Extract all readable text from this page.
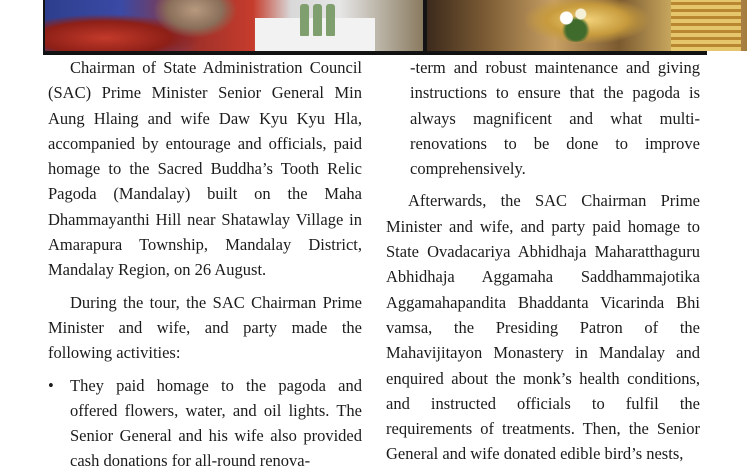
Chairman of State Administration Council (SAC) Prime Minister Senior General Min Aung Hlaing and wife Daw Kyu Kyu Hla, accompanied by entourage and officials, paid homage to the Sacred Buddha’s Tooth Relic Pagoda (Mandalay) built on the Maha Dhammayanthi Hill near Shatawlay Village in Amarapura Township, Mandalay District, Mandalay Region, on 26 August.

During the tour, the SAC Chairman Prime Minister and wife, and party made the following activities:

• They paid homage to the pagoda and offered flowers, water, and oil lights. The Senior General and his wife also provided cash donations for all-round renova-

-term and robust maintenance and giving instructions to ensure that the pagoda is always magnificent and what multi-renovations to be done to improve comprehensively.

Afterwards, the SAC Chairman Prime Minister and wife, and party paid homage to State Ovadacariya Abhidhaja Maharatthaguru Abhidhaja Aggamaha Saddhammajotika Aggamahapandita Bhaddanta Vicarinda Bhi vamsa, the Presiding Patron of the Mahavijitayon Monastery in Mandalay and enquired about the monk’s health conditions, and instructed officials to fulfil the requirements of treatments. Then, the Senior General and wife donated edible bird’s nests,
